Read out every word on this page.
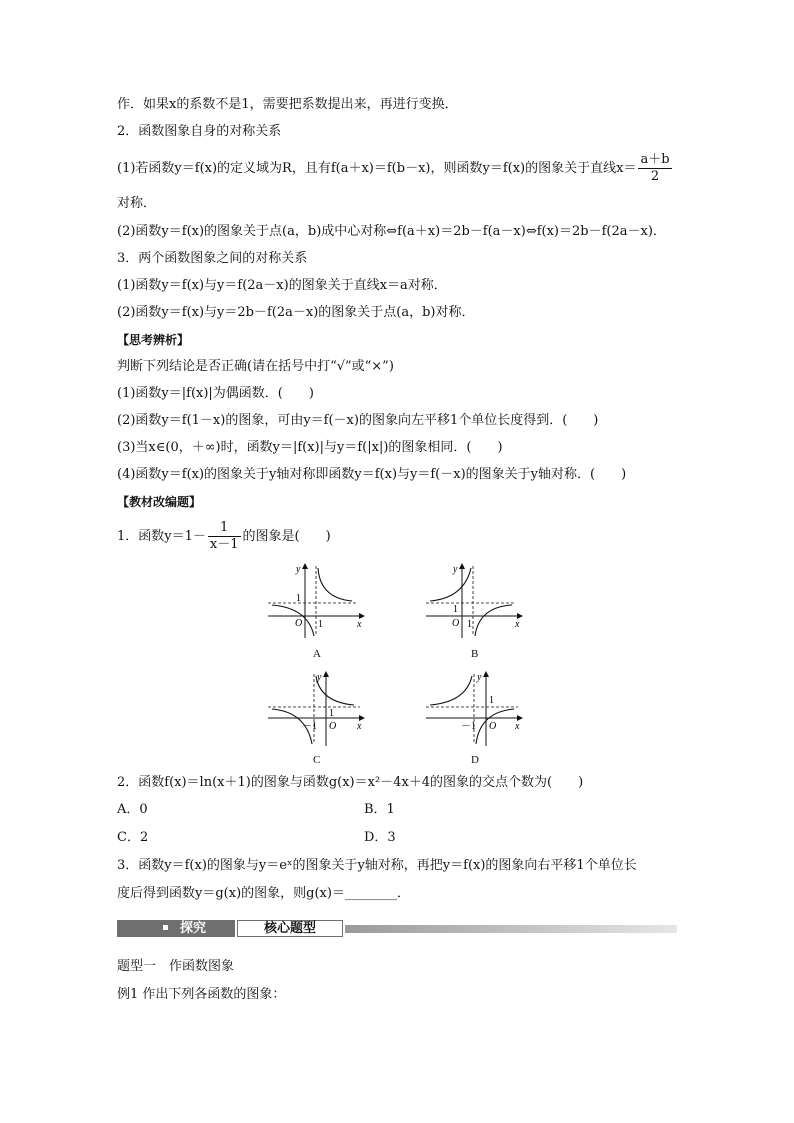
作．如果x的系数不是1，需要把系数提出来，再进行变换．
2．函数图象自身的对称关系
(1)若函数y＝f(x)的定义域为R，且有f(a＋x)＝f(b－x)，则函数y＝f(x)的图象关于直线$x= \frac{a+b}{2}$
对称．
(2)函数y＝f(x)的图象关于点(a，b)成中心对称⇔f(a＋x)＝2b－f(a－x)⇔f(x)＝2b－f(2a－x)．
3．两个函数图象之间的对称关系
(1)函数y＝f(x)与y＝f(2a－x)的图象关于直线x＝a对称．
(2)函数y＝f(x)与y＝2b－f(2a－x)的图象关于点(a，b)对称．
【思考辨析】
判断下列结论是否正确(请在括号中打“√”或“×”)
(1)函数y＝|f(x)|为偶函数．(　　)
(2)函数y＝f(1－x)的图象，可由y＝f(－x)的图象向左平移1个单位长度得到．(　　)
(3)当x∈(0，＋∞)时，函数y＝|f(x)|与y＝f(|x|)的图象相同．(　　)
(4)函数y＝f(x)的图象关于y轴对称即函数y＝f(x)与y＝f(－x)的图象关于y轴对称．(　　)
【教材改编题】
1．函数$y=1- \frac{1}{x-1}$ 的图象是(　　)
y
x
O
1
1
A
y
x
O
1
1
B
y
x
O
1
－1
C
y
x
O
1
－1
D
2．函数f(x)＝ln(x＋1)的图象与函数g(x)＝x²－4x＋4的图象的交点个数为(　　)
A．0	B．1
C．2	D．3
3．函数y＝f(x)的图象与y＝eˣ的图象关于y轴对称，再把y＝f(x)的图象向右平移1个单位长
度后得到函数y＝g(x)的图象，则g(x)＝________．
探究	核心题型
题型一　作函数图象
例1 作出下列各函数的图象：
